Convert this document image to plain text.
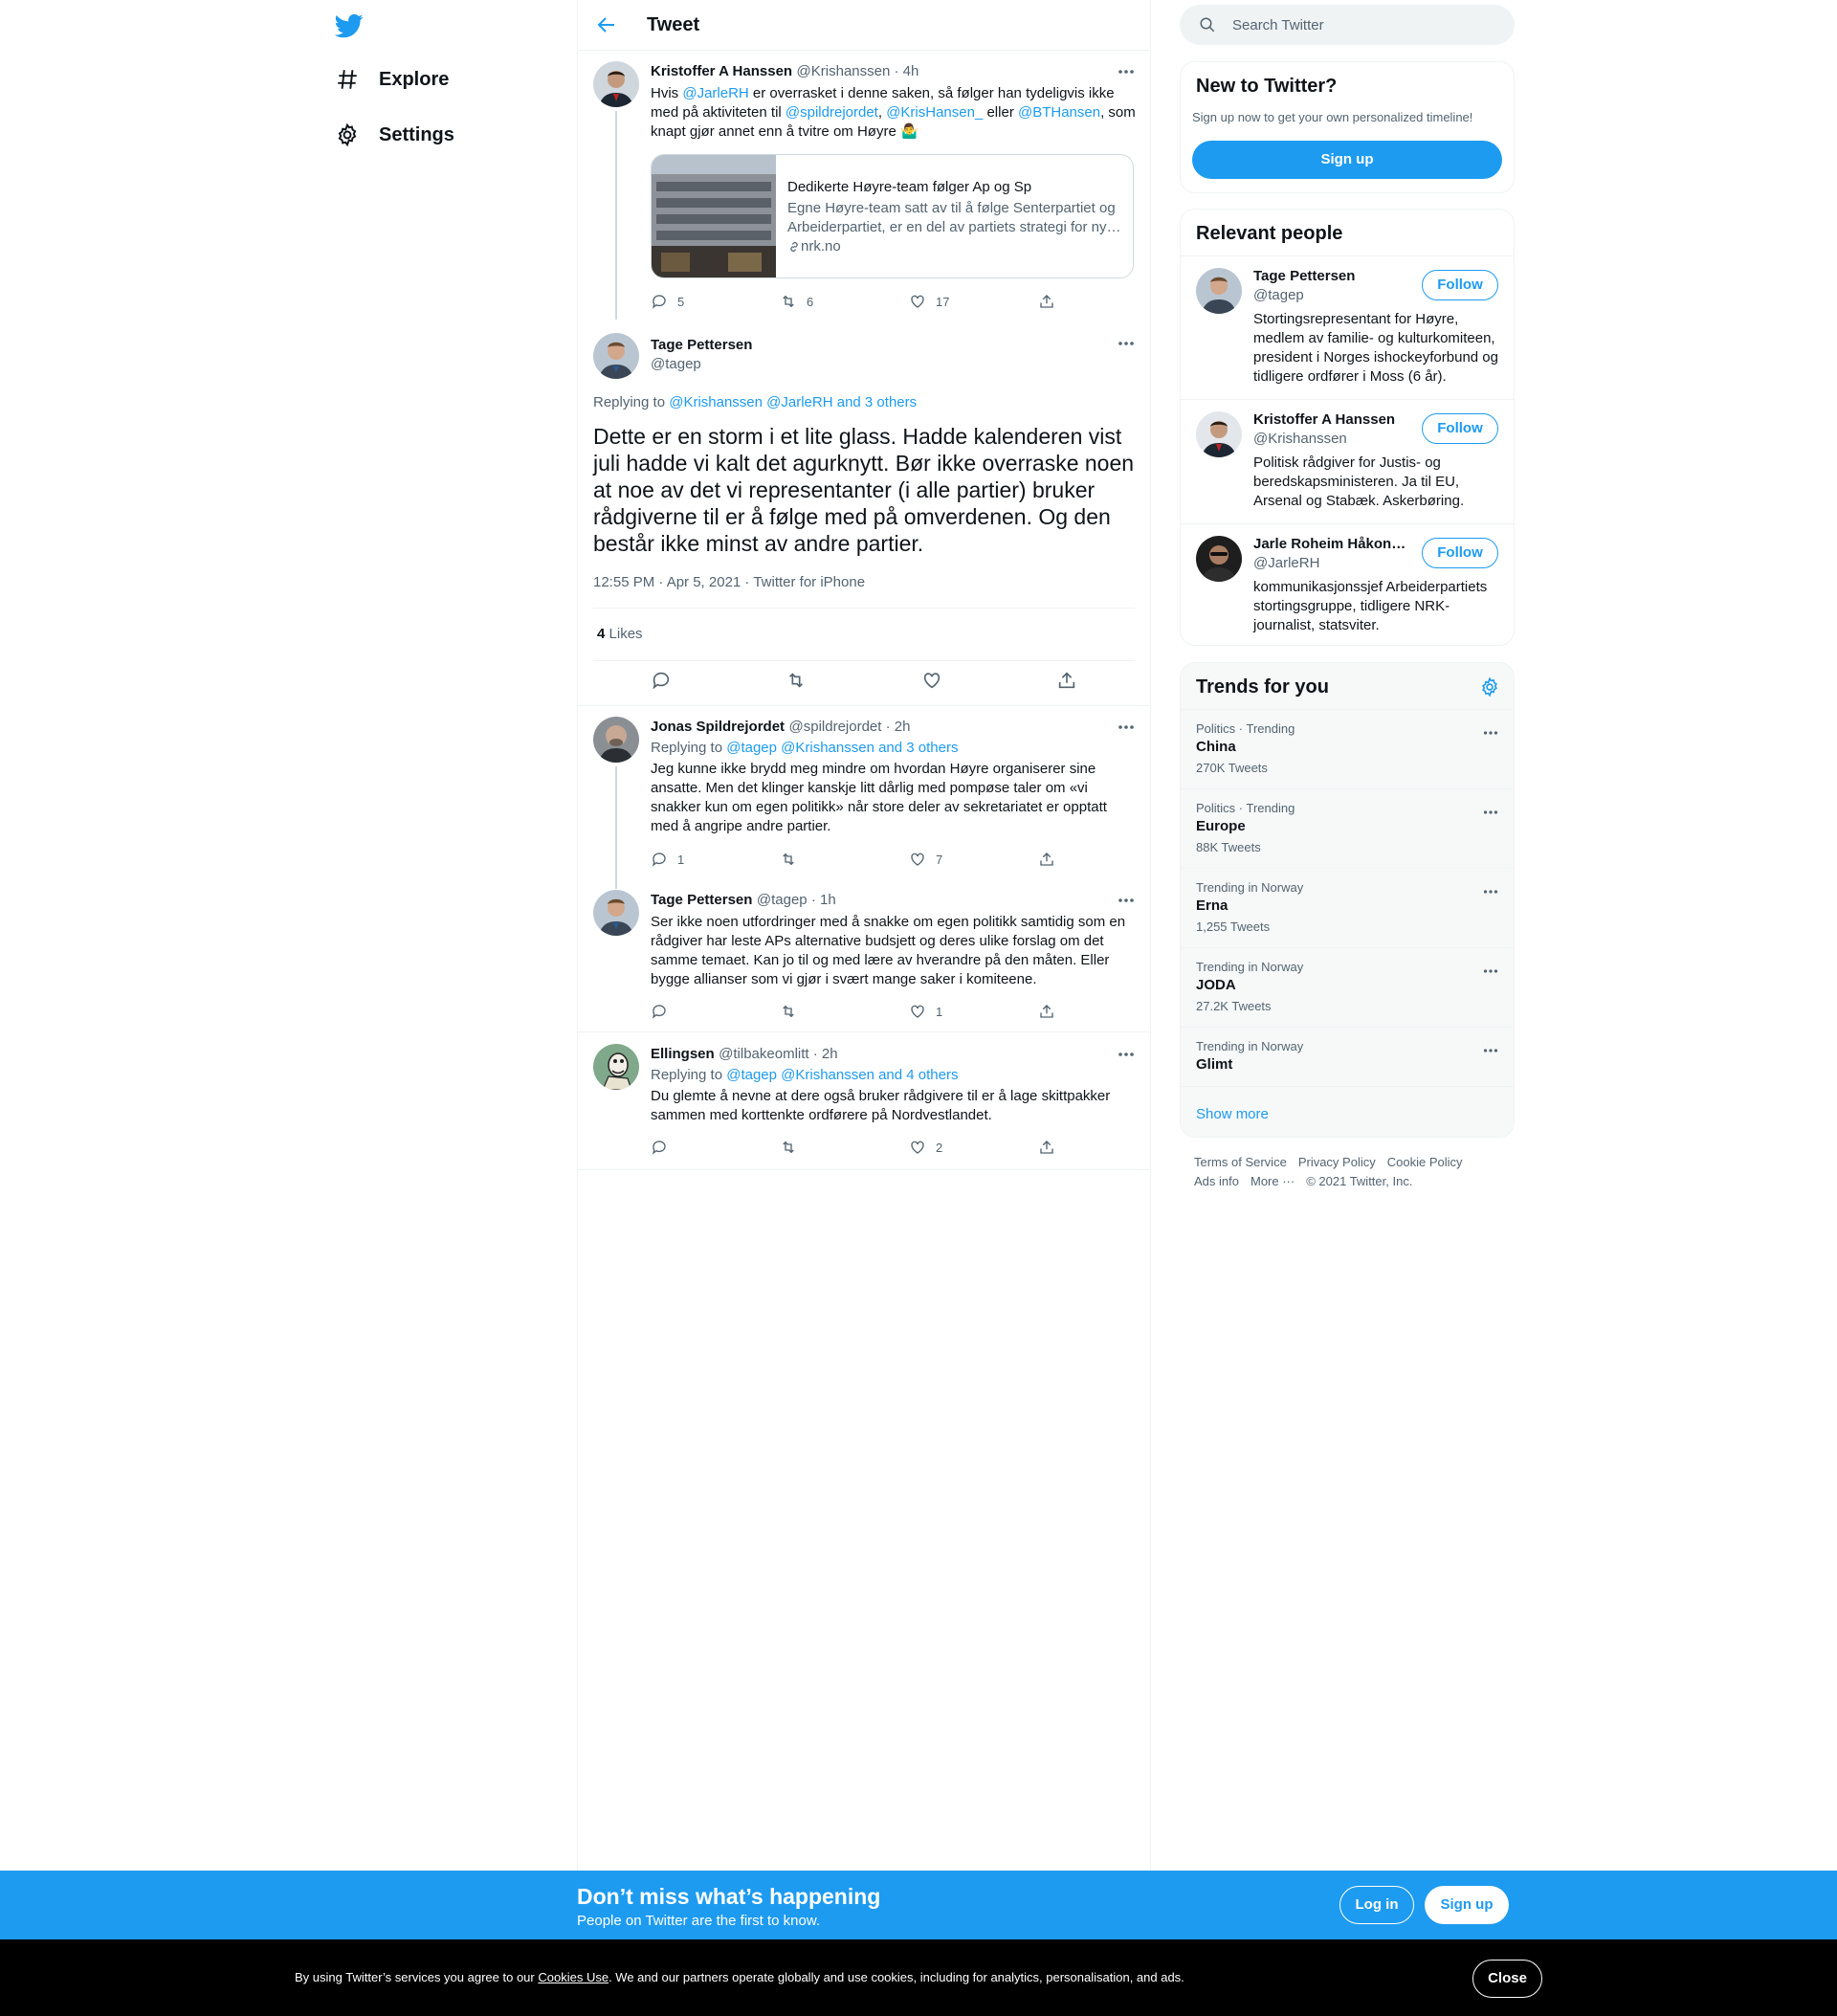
Explore
Settings
Tweet
Kristoffer A Hanssen @Krishanssen · 4h
Hvis @JarleRH er overrasket i denne saken, så følger han tydeligvis ikke med på aktiviteten til @spildrejordet, @KrisHansen_ eller @BTHansen, som knapt gjør annet enn å tvitre om Høyre 🤷‍♂️
Dedikerte Høyre-team følger Ap og Sp
Egne Høyre-team satt av til å følge Senterpartiet og Arbeiderpartiet, er en del av partiets strategi for ny…
nrk.no
5	6	17
Tage Pettersen
@tagep
Replying to @Krishanssen @JarleRH and 3 others
Dette er en storm i et lite glass. Hadde kalenderen vist juli hadde vi kalt det agurknytt. Bør ikke overraske noen at noe av det vi representanter (i alle partier) bruker rådgiverne til er å følge med på omverdenen. Og den består ikke minst av andre partier.
12:55 PM · Apr 5, 2021 · Twitter for iPhone
4 Likes
Jonas Spildrejordet @spildrejordet · 2h
Replying to @tagep @Krishanssen and 3 others
Jeg kunne ikke brydd meg mindre om hvordan Høyre organiserer sine ansatte. Men det klinger kanskje litt dårlig med pompøse taler om «vi snakker kun om egen politikk» når store deler av sekretariatet er opptatt med å angripe andre partier.
1	7
Tage Pettersen @tagep · 1h
Ser ikke noen utfordringer med å snakke om egen politikk samtidig som en rådgiver har leste APs alternative budsjett og deres ulike forslag om det samme temaet. Kan jo til og med lære av hverandre på den måten. Eller bygge allianser som vi gjør i svært mange saker i komiteene.
1
Ellingsen @tilbakeomlitt · 2h
Replying to @tagep @Krishanssen and 4 others
Du glemte å nevne at dere også bruker rådgivere til er å lage skittpakker sammen med korttenkte ordførere på Nordvestlandet.
2
Search Twitter
New to Twitter?
Sign up now to get your own personalized timeline!
Sign up
Relevant people
Tage Pettersen
@tagep
Stortingsrepresentant for Høyre, medlem av familie- og kulturkomiteen, president i Norges ishockeyforbund og tidligere ordfører i Moss (6 år).
Follow
Kristoffer A Hanssen
@Krishanssen
Politisk rådgiver for Justis- og beredskapsministeren. Ja til EU, Arsenal og Stabæk. Askerbøring.
Follow
Jarle Roheim Håkon…
@JarleRH
kommunikasjonssjef Arbeiderpartiets stortingsgruppe, tidligere NRK-journalist, statsviter.
Follow
Trends for you
Politics · Trending
China
270K Tweets
Politics · Trending
Europe
88K Tweets
Trending in Norway
Erna
1,255 Tweets
Trending in Norway
JODA
27.2K Tweets
Trending in Norway
Glimt
Show more
Terms of Service Privacy Policy Cookie Policy
Ads info More ··· © 2021 Twitter, Inc.
Don’t miss what’s happening
People on Twitter are the first to know.
Log in	Sign up
By using Twitter’s services you agree to our Cookies Use. We and our partners operate globally and use cookies, including for analytics, personalisation, and ads.	Close
